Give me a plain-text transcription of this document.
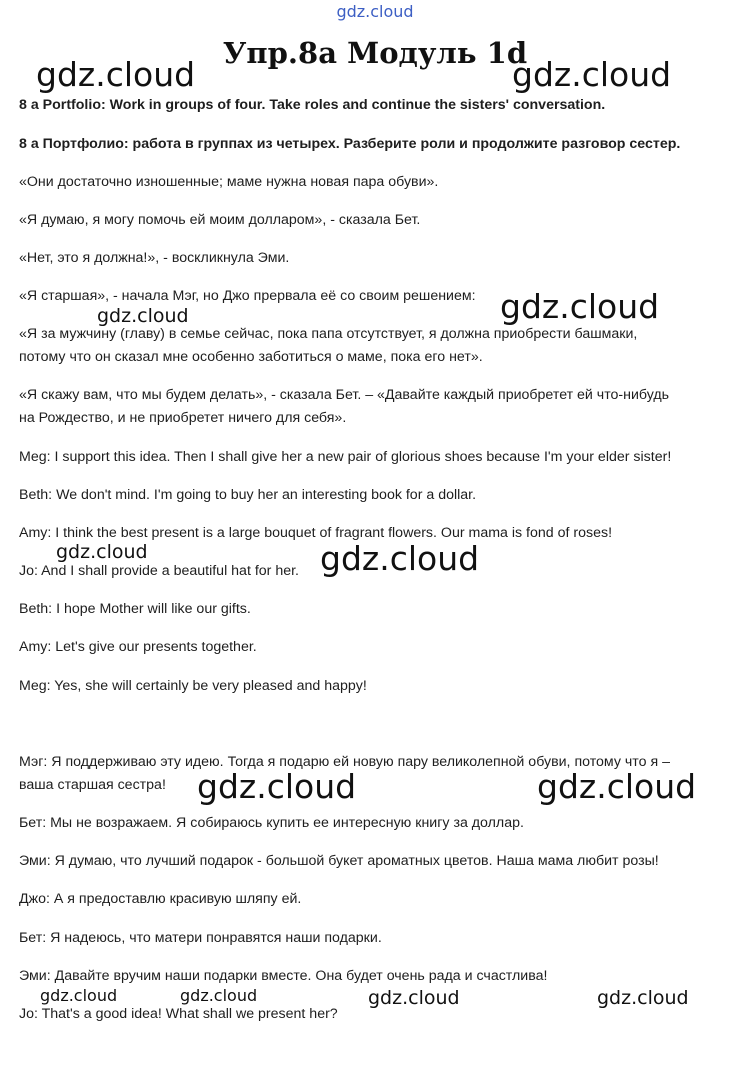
gdz.cloud
Упр.8а Модуль 1d
8 a Portfolio: Work in groups of four. Take roles and continue the sisters' conversation.
8 а Портфолио: работа в группах из четырех. Разберите роли и продолжите разговор сестер.
«Они достаточно изношенные; маме нужна новая пара обуви».
«Я думаю, я могу помочь ей моим долларом», - сказала Бет.
«Нет, это я должна!», - воскликнула Эми.
«Я старшая», - начала Мэг, но Джо прервала её со своим решением:
«Я за мужчину (главу) в семье сейчас, пока папа отсутствует, я должна приобрести башмаки,
потому что он сказал мне особенно заботиться о маме, пока его нет».
«Я скажу вам, что мы будем делать», - сказала Бет. – «Давайте каждый приобретет ей что-нибудь
на Рождество, и не приобретет ничего для себя».
Meg: I support this idea. Then I shall give her a new pair of glorious shoes because I'm your elder sister!
Beth: We don't mind. I'm going to buy her an interesting book for a dollar.
Amy: I think the best present is a large bouquet of fragrant flowers. Our mama is fond of roses!
Jo: And I shall provide a beautiful hat for her.
Beth: I hope Mother will like our gifts.
Amy: Let's give our presents together.
Meg: Yes, she will certainly be very pleased and happy!
Мэг: Я поддерживаю эту идею. Тогда я подарю ей новую пару великолепной обуви, потому что я –
ваша старшая сестра!
Бет: Мы не возражаем. Я собираюсь купить ее интересную книгу за доллар.
Эми: Я думаю, что лучший подарок - большой букет ароматных цветов. Наша мама любит розы!
Джо: А я предоставлю красивую шляпу ей.
Бет: Я надеюсь, что матери понравятся наши подарки.
Эми: Давайте вручим наши подарки вместе. Она будет очень рада и счастлива!
Jo: That's a good idea! What shall we present her?
gdz.cloud	gdz.cloud
gdz.cloud
gdz.cloud
gdz.cloud	gdz.cloud
gdz.cloud	gdz.cloud
gdz.cloud	gdz.cloud	gdz.cloud	gdz.cloud
